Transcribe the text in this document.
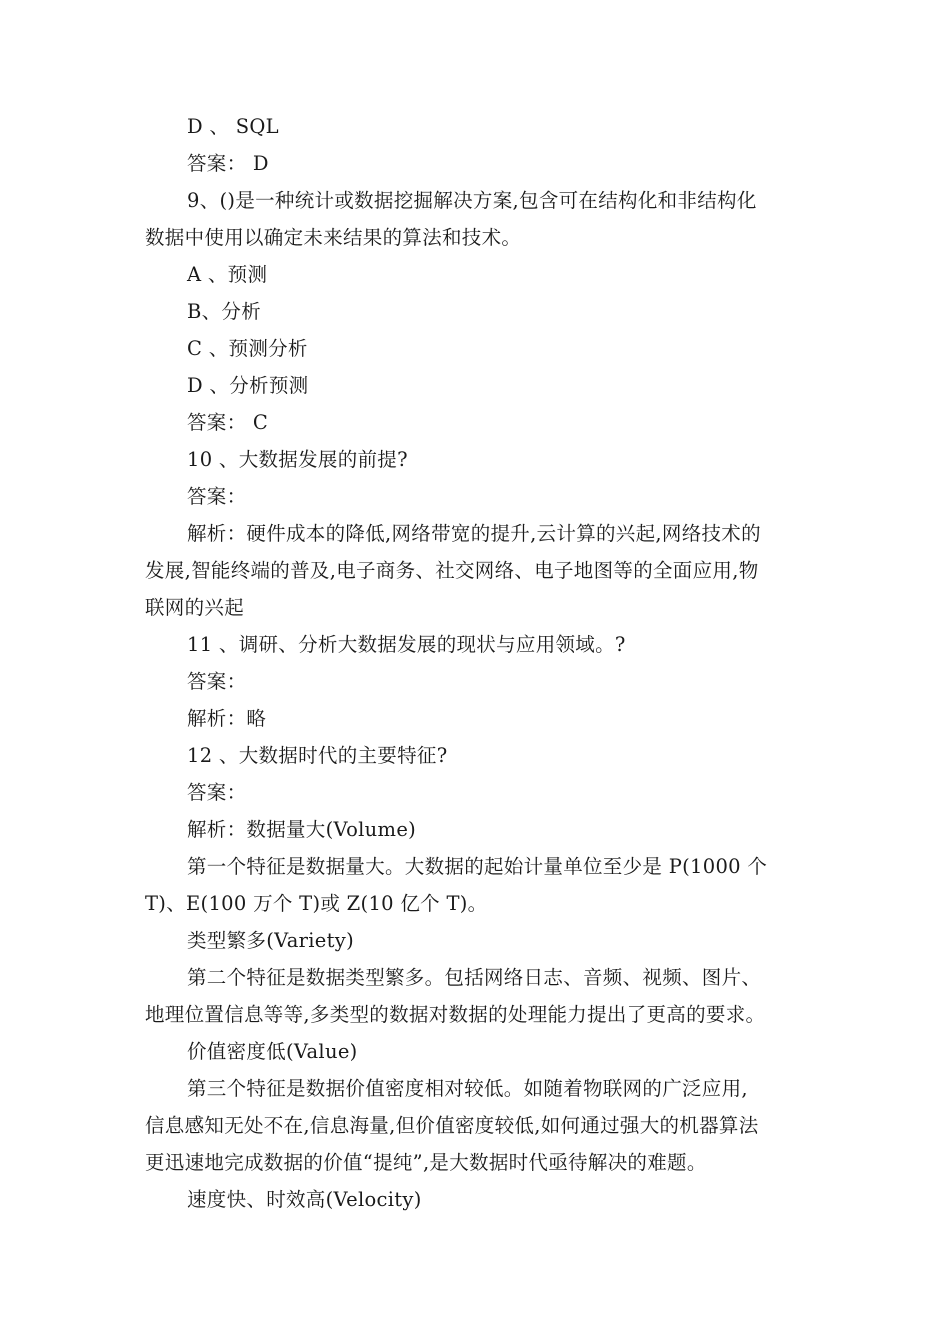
D 、 SQL
答案： D
9、()是一种统计或数据挖掘解决方案,包含可在结构化和非结构化
数据中使用以确定未来结果的算法和技术。
A 、预测
B、分析
C 、预测分析
D 、分析预测
答案： C
10 、大数据发展的前提?
答案：
解析：硬件成本的降低,网络带宽的提升,云计算的兴起,网络技术的
发展,智能终端的普及,电子商务、社交网络、电子地图等的全面应用,物
联网的兴起
11 、调研、分析大数据发展的现状与应用领域。?
答案：
解析：略
12 、大数据时代的主要特征?
答案：
解析：数据量大(Volume)
第一个特征是数据量大。大数据的起始计量单位至少是 P(1000 个
T)、E(100 万个 T)或 Z(10 亿个 T)。
类型繁多(Variety)
第二个特征是数据类型繁多。包括网络日志、音频、视频、图片、
地理位置信息等等,多类型的数据对数据的处理能力提出了更高的要求。
价值密度低(Value)
第三个特征是数据价值密度相对较低。如随着物联网的广泛应用,
信息感知无处不在,信息海量,但价值密度较低,如何通过强大的机器算法
更迅速地完成数据的价值“提纯”,是大数据时代亟待解决的难题。
速度快、时效高(Velocity)
